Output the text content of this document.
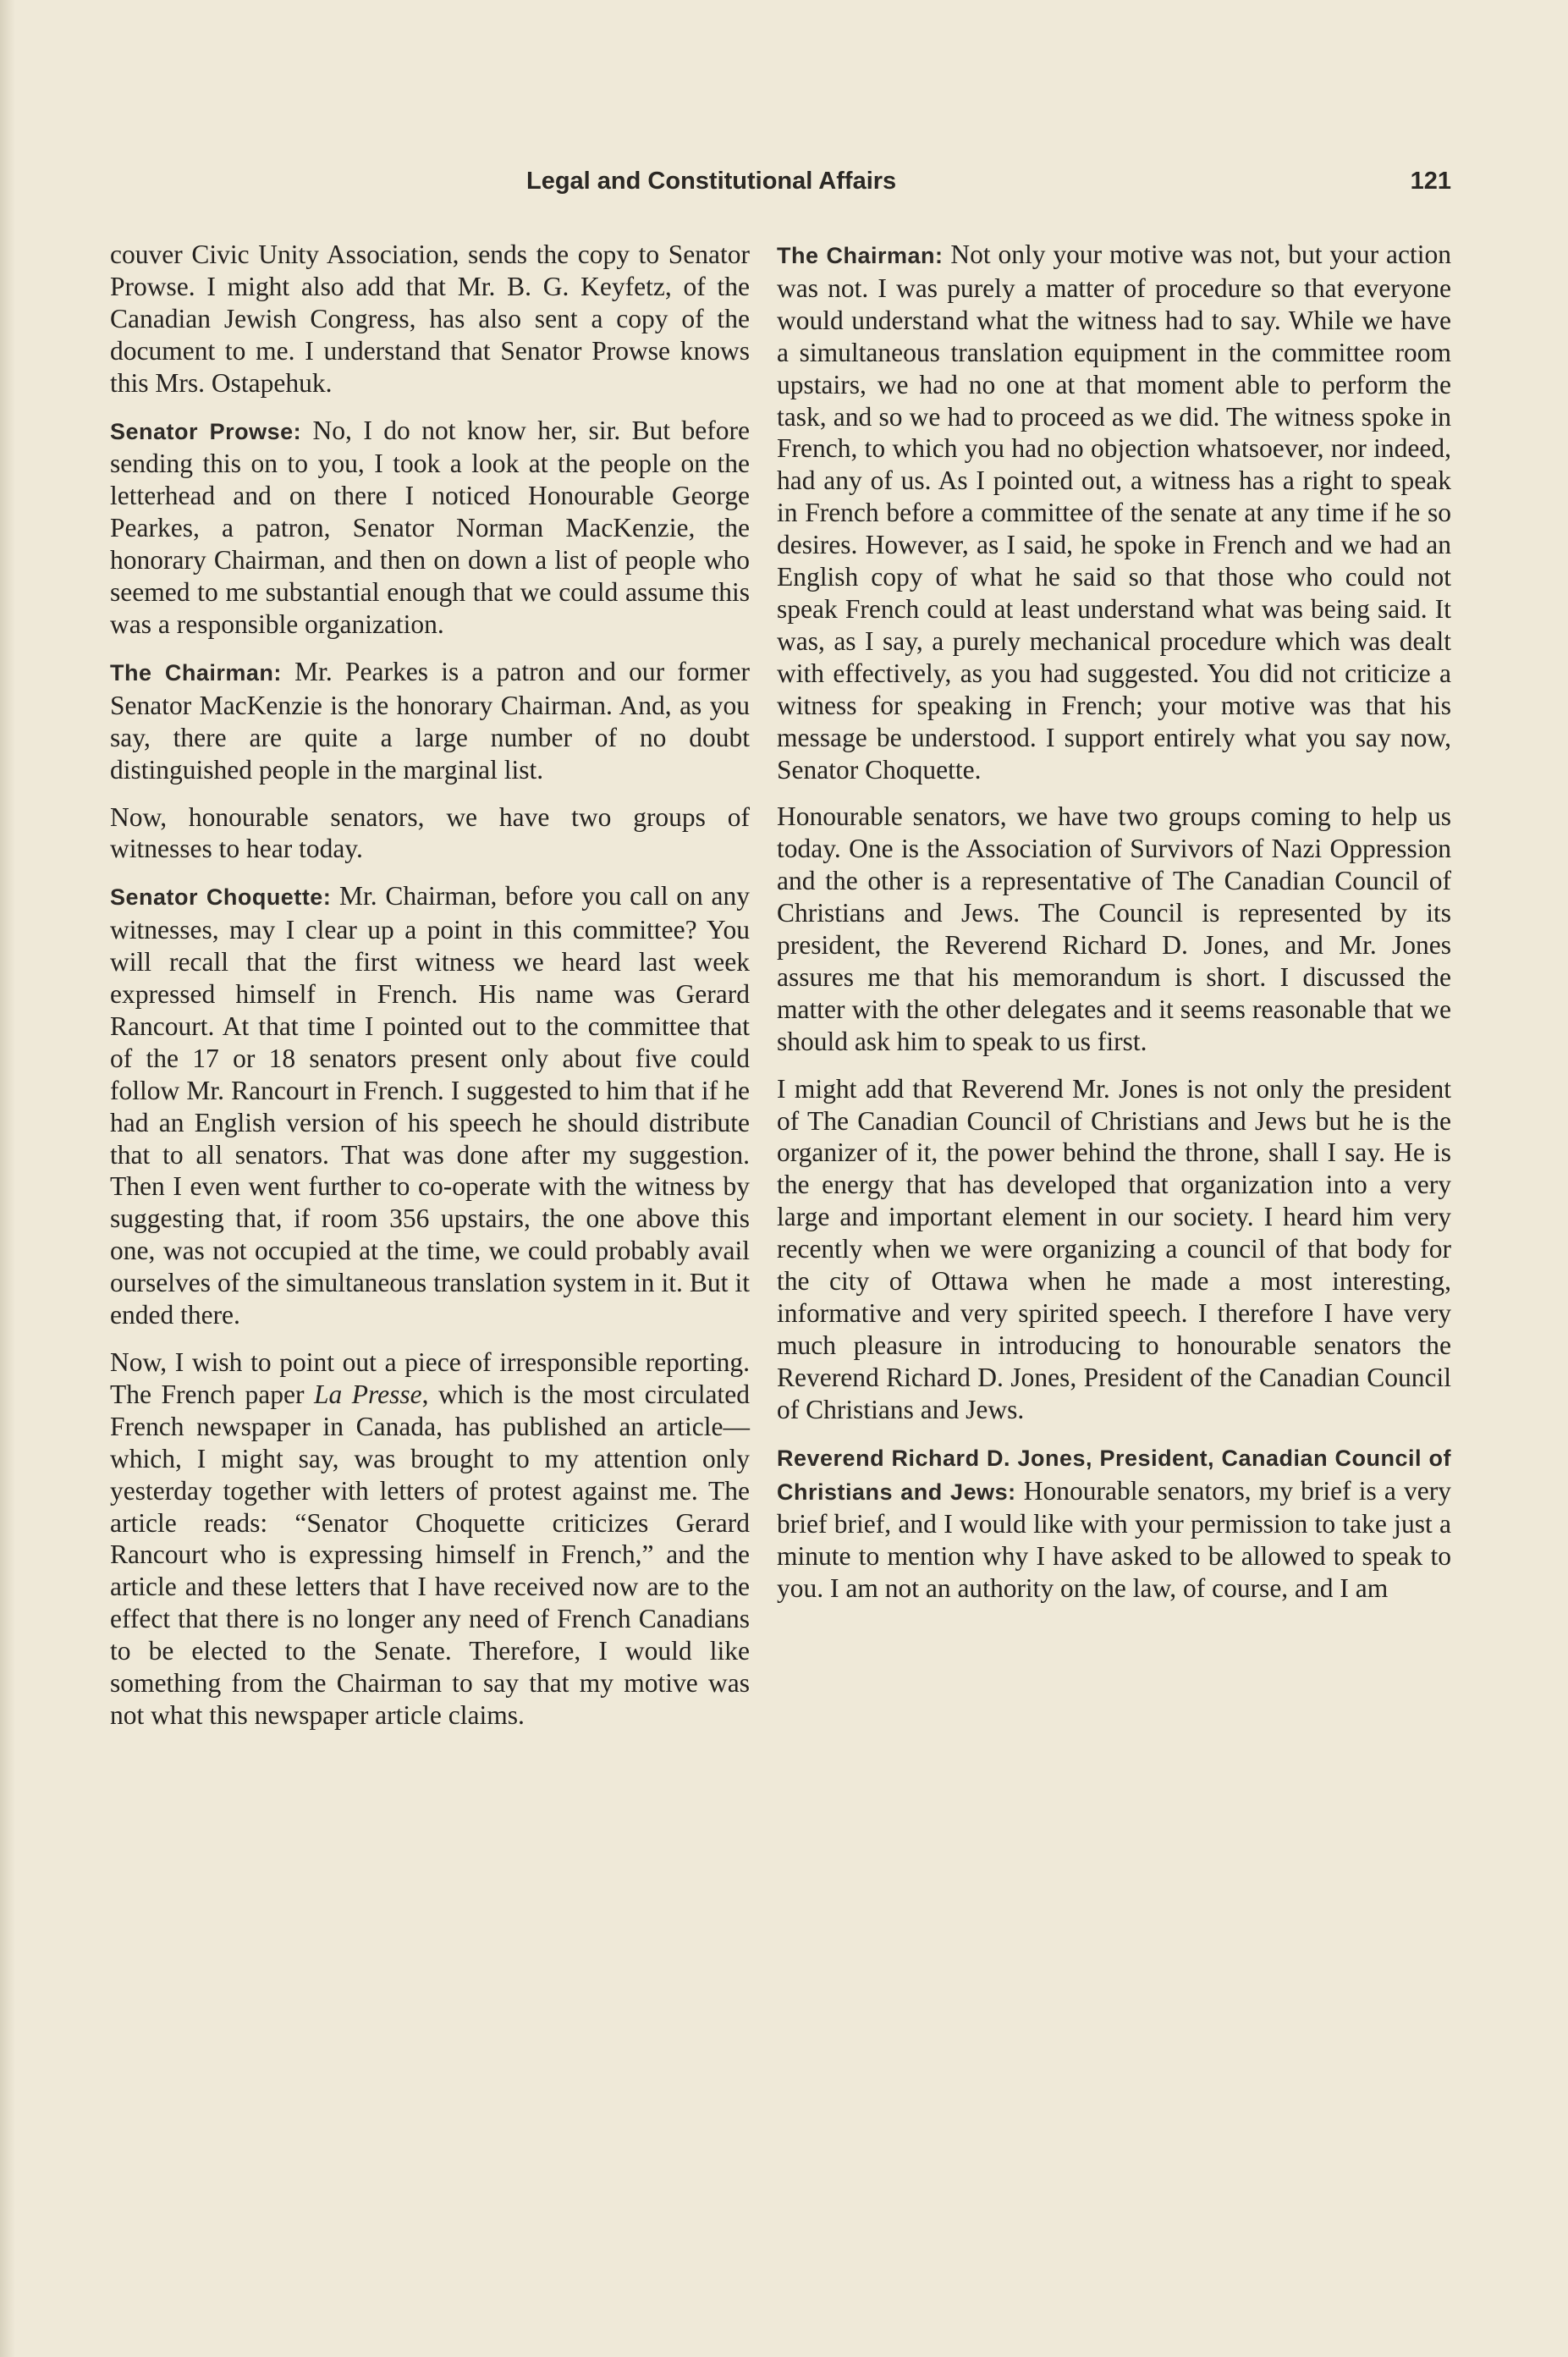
Legal and Constitutional Affairs	121

couver Civic Unity Association, sends the copy to Senator Prowse. I might also add that Mr. B. G. Keyfetz, of the Canadian Jewish Congress, has also sent a copy of the document to me. I understand that Senator Prowse knows this Mrs. Ostapehuk.

Senator Prowse: No, I do not know her, sir. But before sending this on to you, I took a look at the people on the letterhead and on there I noticed Honourable George Pearkes, a patron, Senator Norman MacKenzie, the honorary Chairman, and then on down a list of people who seemed to me substantial enough that we could assume this was a responsible organization.

The Chairman: Mr. Pearkes is a patron and our former Senator MacKenzie is the honorary Chairman. And, as you say, there are quite a large number of no doubt distinguished people in the marginal list.

Now, honourable senators, we have two groups of witnesses to hear today.

Senator Choquette: Mr. Chairman, before you call on any witnesses, may I clear up a point in this committee? You will recall that the first witness we heard last week expressed himself in French. His name was Gerard Rancourt. At that time I pointed out to the committee that of the 17 or 18 senators present only about five could follow Mr. Rancourt in French. I suggested to him that if he had an English version of his speech he should distribute that to all senators. That was done after my suggestion. Then I even went further to co-operate with the witness by suggesting that, if room 356 upstairs, the one above this one, was not occupied at the time, we could probably avail ourselves of the simultaneous translation system in it. But it ended there.

Now, I wish to point out a piece of irresponsible reporting. The French paper La Presse, which is the most circulated French newspaper in Canada, has published an article—which, I might say, was brought to my attention only yesterday together with letters of protest against me. The article reads: “Senator Choquette criticizes Gerard Rancourt who is expressing himself in French,” and the article and these letters that I have received now are to the effect that there is no longer any need of French Canadians to be elected to the Senate. Therefore, I would like something from the Chairman to say that my motive was not what this newspaper article claims.

The Chairman: Not only your motive was not, but your action was not. I was purely a matter of procedure so that everyone would understand what the witness had to say. While we have a simultaneous translation equipment in the committee room upstairs, we had no one at that moment able to perform the task, and so we had to proceed as we did. The witness spoke in French, to which you had no objection whatsoever, nor indeed, had any of us. As I pointed out, a witness has a right to speak in French before a committee of the senate at any time if he so desires. However, as I said, he spoke in French and we had an English copy of what he said so that those who could not speak French could at least understand what was being said. It was, as I say, a purely mechanical procedure which was dealt with effectively, as you had suggested. You did not criticize a witness for speaking in French; your motive was that his message be understood. I support entirely what you say now, Senator Choquette.

Honourable senators, we have two groups coming to help us today. One is the Association of Survivors of Nazi Oppression and the other is a representative of The Canadian Council of Christians and Jews. The Council is represented by its president, the Reverend Richard D. Jones, and Mr. Jones assures me that his memorandum is short. I discussed the matter with the other delegates and it seems reasonable that we should ask him to speak to us first.

I might add that Reverend Mr. Jones is not only the president of The Canadian Council of Christians and Jews but he is the organizer of it, the power behind the throne, shall I say. He is the energy that has developed that organization into a very large and important element in our society. I heard him very recently when we were organizing a council of that body for the city of Ottawa when he made a most interesting, informative and very spirited speech. I therefore I have very much pleasure in introducing to honourable senators the Reverend Richard D. Jones, President of the Canadian Council of Christians and Jews.

Reverend Richard D. Jones, President, Canadian Council of Christians and Jews: Honourable senators, my brief is a very brief brief, and I would like with your permission to take just a minute to mention why I have asked to be allowed to speak to you. I am not an authority on the law, of course, and I am
